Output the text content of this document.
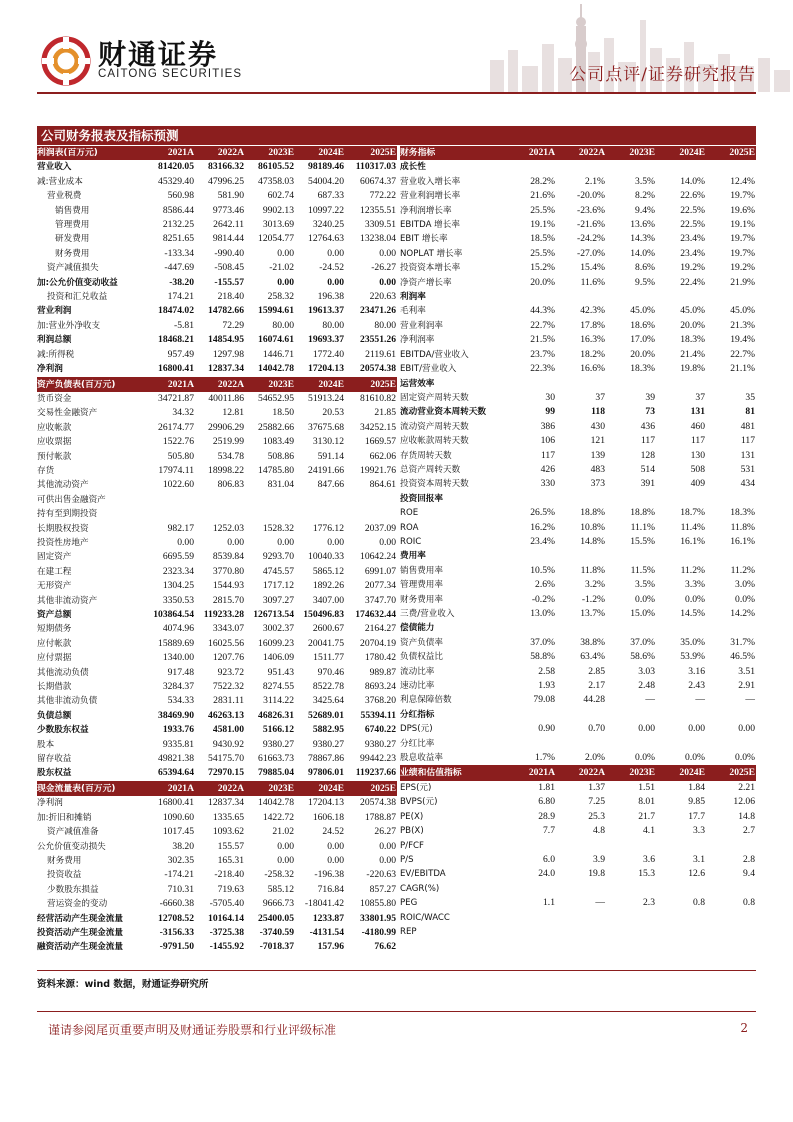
财通证券
CAITONG SECURITIES	公司点评/证券研究报告
公司财务报表及指标预测
利润表(百万元)	2021A	2022A	2023E	2024E	2025E
营业收入	81420.05	83166.32	86105.52	98189.46	110317.03
减:营业成本	45329.40	47996.25	47358.03	54004.20	60674.37
营业税费	560.98	581.90	602.74	687.33	772.22
销售费用	8586.44	9773.46	9902.13	10997.22	12355.51
管理费用	2132.25	2642.11	3013.69	3240.25	3309.51
研发费用	8251.65	9814.44	12054.77	12764.63	13238.04
财务费用	-133.34	-990.40	0.00	0.00	0.00
资产减值损失	-447.69	-508.45	-21.02	-24.52	-26.27
加:公允价值变动收益	-38.20	-155.57	0.00	0.00	0.00
投资和汇兑收益	174.21	218.40	258.32	196.38	220.63
营业利润	18474.02	14782.66	15994.61	19613.37	23471.26
加:营业外净收支	-5.81	72.29	80.00	80.00	80.00
利润总额	18468.21	14854.95	16074.61	19693.37	23551.26
减:所得税	957.49	1297.98	1446.71	1772.40	2119.61
净利润	16800.41	12837.34	14042.78	17204.13	20574.38
资产负债表(百万元)	2021A	2022A	2023E	2024E	2025E
货币资金	34721.87	40011.86	54652.95	51913.24	81610.82
交易性金融资产	34.32	12.81	18.50	20.53	21.85
应收帐款	26174.77	29906.29	25882.66	37675.68	34252.15
应收票据	1522.76	2519.99	1083.49	3130.12	1669.57
预付帐款	505.80	534.78	508.86	591.14	662.06
存货	17974.11	18998.22	14785.80	24191.66	19921.76
其他流动资产	1022.60	806.83	831.04	847.66	864.61
可供出售金融资产					
持有至到期投资					
长期股权投资	982.17	1252.03	1528.32	1776.12	2037.09
投资性房地产	0.00	0.00	0.00	0.00	0.00
固定资产	6695.59	8539.84	9293.70	10040.33	10642.24
在建工程	2323.34	3770.80	4745.57	5865.12	6991.07
无形资产	1304.25	1544.93	1717.12	1892.26	2077.34
其他非流动资产	3350.53	2815.70	3097.27	3407.00	3747.70
资产总额	103864.54	119233.28	126713.54	150496.83	174632.44
短期债务	4074.96	3343.07	3002.37	2600.67	2164.27
应付帐款	15889.69	16025.56	16099.23	20041.75	20704.19
应付票据	1340.00	1207.76	1406.09	1511.77	1780.42
其他流动负债	917.48	923.72	951.43	970.46	989.87
长期借款	3284.37	7522.32	8274.55	8522.78	8693.24
其他非流动负债	534.33	2831.11	3114.22	3425.64	3768.20
负债总额	38469.90	46263.13	46826.31	52689.01	55394.11
少数股东权益	1933.76	4581.00	5166.12	5882.95	6740.22
股本	9335.81	9430.92	9380.27	9380.27	9380.27
留存收益	49821.38	54175.70	61663.73	78867.86	99442.23
股东权益	65394.64	72970.15	79885.04	97806.01	119237.66
现金流量表(百万元)	2021A	2022A	2023E	2024E	2025E
净利润	16800.41	12837.34	14042.78	17204.13	20574.38
加:折旧和摊销	1090.60	1335.65	1422.72	1606.18	1788.87
资产减值准备	1017.45	1093.62	21.02	24.52	26.27
公允价值变动损失	38.20	155.57	0.00	0.00	0.00
财务费用	302.35	165.31	0.00	0.00	0.00
投资收益	-174.21	-218.40	-258.32	-196.38	-220.63
少数股东损益	710.31	719.63	585.12	716.84	857.27
营运资金的变动	-6660.38	-5705.40	9666.73	-18041.42	10855.80
经营活动产生现金流量	12708.52	10164.14	25400.05	1233.87	33801.95
投资活动产生现金流量	-3156.33	-3725.38	-3740.59	-4131.54	-4180.99
融资活动产生现金流量	-9791.50	-1455.92	-7018.37	157.96	76.62
财务指标	2021A	2022A	2023E	2024E	2025E
成长性					
营业收入增长率	28.2%	2.1%	3.5%	14.0%	12.4%
营业利润增长率	21.6%	-20.0%	8.2%	22.6%	19.7%
净利润增长率	25.5%	-23.6%	9.4%	22.5%	19.6%
EBITDA 增长率	19.1%	-21.6%	13.6%	22.5%	19.1%
EBIT 增长率	18.5%	-24.2%	14.3%	23.4%	19.7%
NOPLAT 增长率	25.5%	-27.0%	14.0%	23.4%	19.7%
投资资本增长率	15.2%	15.4%	8.6%	19.2%	19.2%
净资产增长率	20.0%	11.6%	9.5%	22.4%	21.9%
利润率					
毛利率	44.3%	42.3%	45.0%	45.0%	45.0%
营业利润率	22.7%	17.8%	18.6%	20.0%	21.3%
净利润率	21.5%	16.3%	17.0%	18.3%	19.4%
EBITDA/营业收入	23.7%	18.2%	20.0%	21.4%	22.7%
EBIT/营业收入	22.3%	16.6%	18.3%	19.8%	21.1%
运营效率					
固定资产周转天数	30	37	39	37	35
流动营业资本周转天数	99	118	73	131	81
流动资产周转天数	386	430	436	460	481
应收帐款周转天数	106	121	117	117	117
存货周转天数	117	139	128	130	131
总资产周转天数	426	483	514	508	531
投资资本周转天数	330	373	391	409	434
投资回报率					
ROE	26.5%	18.8%	18.8%	18.7%	18.3%
ROA	16.2%	10.8%	11.1%	11.4%	11.8%
ROIC	23.4%	14.8%	15.5%	16.1%	16.1%
费用率					
销售费用率	10.5%	11.8%	11.5%	11.2%	11.2%
管理费用率	2.6%	3.2%	3.5%	3.3%	3.0%
财务费用率	-0.2%	-1.2%	0.0%	0.0%	0.0%
三费/营业收入	13.0%	13.7%	15.0%	14.5%	14.2%
偿债能力					
资产负债率	37.0%	38.8%	37.0%	35.0%	31.7%
负债权益比	58.8%	63.4%	58.6%	53.9%	46.5%
流动比率	2.58	2.85	3.03	3.16	3.51
速动比率	1.93	2.17	2.48	2.43	2.91
利息保障倍数	79.08	44.28	—	—	—
分红指标					
DPS(元)	0.90	0.70	0.00	0.00	0.00
分红比率					
股息收益率	1.7%	2.0%	0.0%	0.0%	0.0%
业绩和估值指标	2021A	2022A	2023E	2024E	2025E
EPS(元)	1.81	1.37	1.51	1.84	2.21
BVPS(元)	6.80	7.25	8.01	9.85	12.06
PE(X)	28.9	25.3	21.7	17.7	14.8
PB(X)	7.7	4.8	4.1	3.3	2.7
P/FCF					
P/S	6.0	3.9	3.6	3.1	2.8
EV/EBITDA	24.0	19.8	15.3	12.6	9.4
CAGR(%)					
PEG	1.1	—	2.3	0.8	0.8
ROIC/WACC					
REP					
资料来源：wind 数据，财通证券研究所
谨请参阅尾页重要声明及财通证券股票和行业评级标准	2
